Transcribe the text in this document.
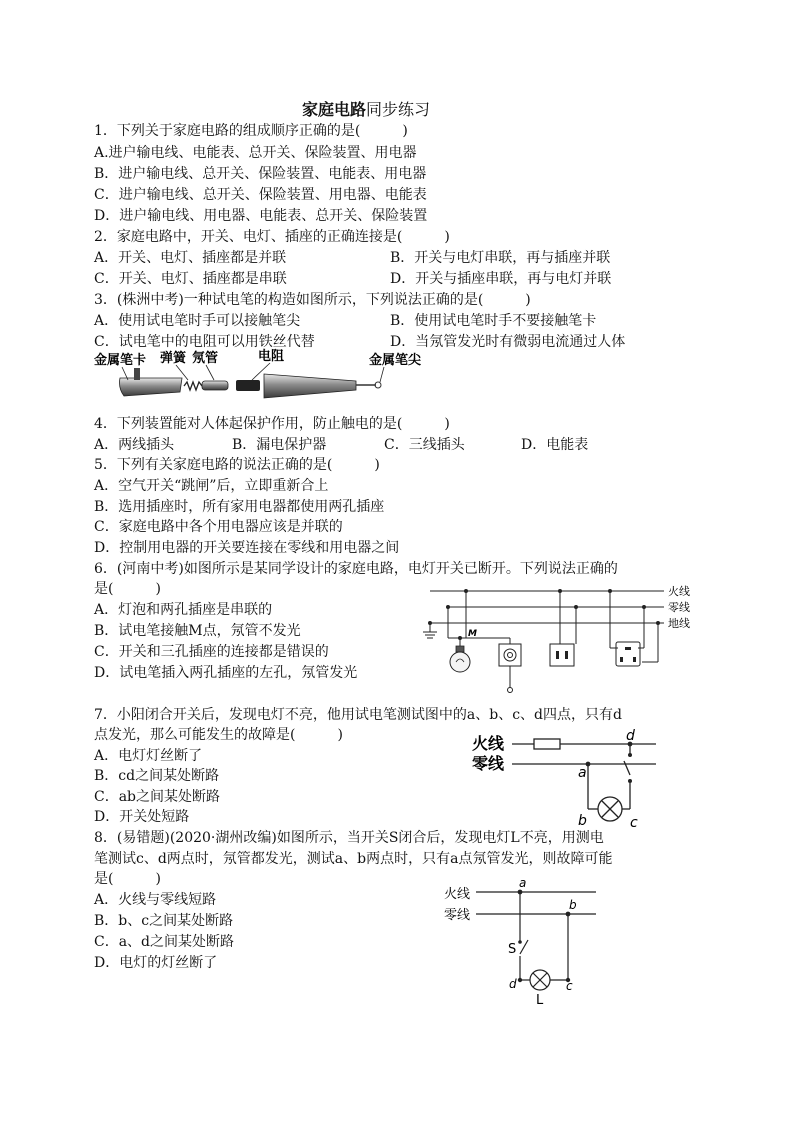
家庭电路同步练习
1．下列关于家庭电路的组成顺序正确的是(　　　)
A.进户输电线、电能表、总开关、保险装置、用电器
B．进户输电线、总开关、保险装置、电能表、用电器
C．进户输电线、总开关、保险装置、用电器、电能表
D．进户输电线、用电器、电能表、总开关、保险装置
2．家庭电路中，开关、电灯、插座的正确连接是(　　　)
A．开关、电灯、插座都是并联	B．开关与电灯串联，再与插座并联
C．开关、电灯、插座都是串联	D．开关与插座串联，再与电灯并联
3．(株洲中考)一种试电笔的构造如图所示，下列说法正确的是(　　　)
A．使用试电笔时手可以接触笔尖	B．使用试电笔时手不要接触笔卡
C．试电笔中的电阻可以用铁丝代替	D．当氖管发光时有微弱电流通过人体
金属笔卡 弹簧 氖管	电阻	金属笔尖
4．下列装置能对人体起保护作用，防止触电的是(　　　)
A．两线插头	B．漏电保护器	C．三线插头	D．电能表
5．下列有关家庭电路的说法正确的是(　　　)
A．空气开关“跳闸”后，立即重新合上
B．选用插座时，所有家用电器都使用两孔插座
C．家庭电路中各个用电器应该是并联的
D．控制用电器的开关要连接在零线和用电器之间
6．(河南中考)如图所示是某同学设计的家庭电路，电灯开关已断开。下列说法正确的
是(　　　)
A．灯泡和两孔插座是串联的
B．试电笔接触M点，氖管不发光
C．开关和三孔插座的连接都是错误的
D．试电笔插入两孔插座的左孔，氖管发光
火线
零线
地线
M
7．小阳闭合开关后，发现电灯不亮，他用试电笔测试图中的a、b、c、d四点，只有d
点发光，那么可能发生的故障是(　　　)
A．电灯灯丝断了
B．cd之间某处断路
C．ab之间某处断路
D．开关处短路
火线
零线
d
a
b	c
8．(易错题)(2020·湖州改编)如图所示，当开关S闭合后，发现电灯L不亮，用测电
笔测试c、d两点时，氖管都发光，测试a、b两点时，只有a点氖管发光，则故障可能
是(　　　)
A．火线与零线短路
B．b、c之间某处断路
C．a、d之间某处断路
D．电灯的灯丝断了
火线
零线
a
b
S
d	c
L
